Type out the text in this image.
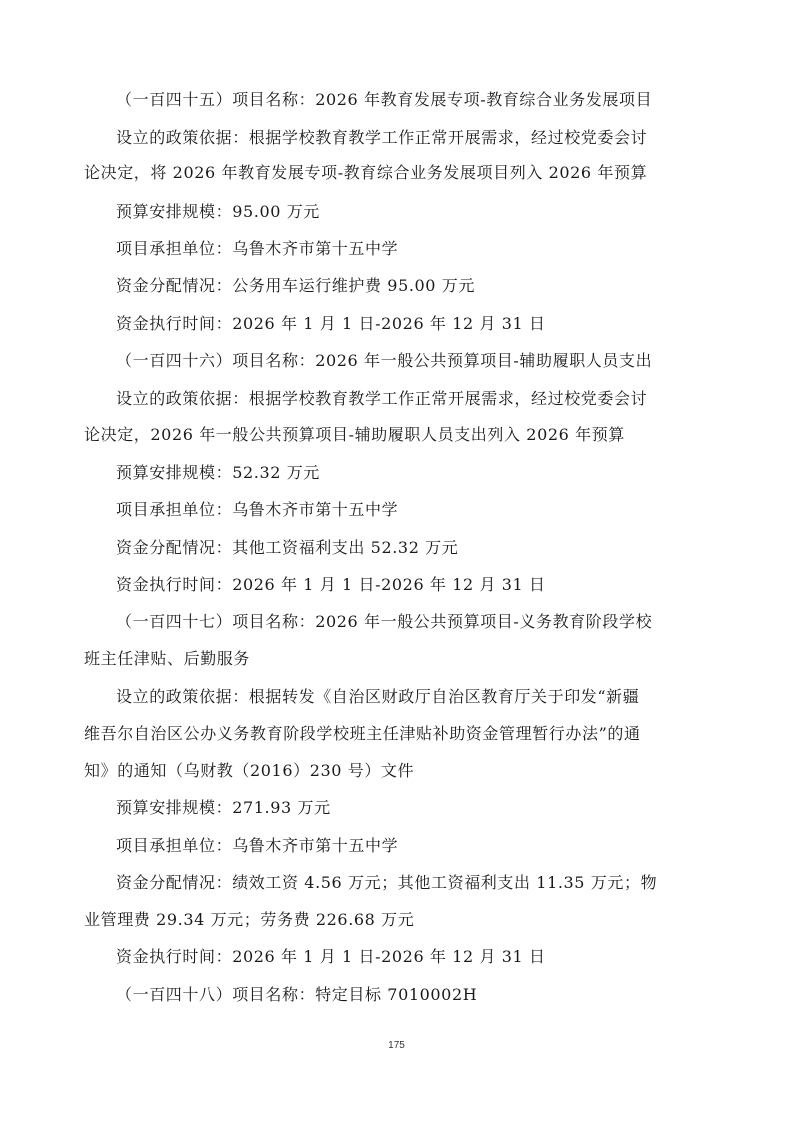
（一百四十五）项目名称：2026 年教育发展专项-教育综合业务发展项目
设立的政策依据：根据学校教育教学工作正常开展需求，经过校党委会讨
论决定，将 2026 年教育发展专项-教育综合业务发展项目列入 2026 年预算
预算安排规模：95.00 万元
项目承担单位：乌鲁木齐市第十五中学
资金分配情况：公务用车运行维护费 95.00 万元
资金执行时间：2026 年 1 月 1 日-2026 年 12 月 31 日
（一百四十六）项目名称：2026 年一般公共预算项目-辅助履职人员支出
设立的政策依据：根据学校教育教学工作正常开展需求，经过校党委会讨
论决定，2026 年一般公共预算项目-辅助履职人员支出列入 2026 年预算
预算安排规模：52.32 万元
项目承担单位：乌鲁木齐市第十五中学
资金分配情况：其他工资福利支出 52.32 万元
资金执行时间：2026 年 1 月 1 日-2026 年 12 月 31 日
（一百四十七）项目名称：2026 年一般公共预算项目-义务教育阶段学校
班主任津贴、后勤服务
设立的政策依据：根据转发《自治区财政厅自治区教育厅关于印发“新疆
维吾尔自治区公办义务教育阶段学校班主任津贴补助资金管理暂行办法”的通
知》的通知（乌财教（2016）230 号）文件
预算安排规模：271.93 万元
项目承担单位：乌鲁木齐市第十五中学
资金分配情况：绩效工资 4.56 万元；其他工资福利支出 11.35 万元；物
业管理费 29.34 万元；劳务费 226.68 万元
资金执行时间：2026 年 1 月 1 日-2026 年 12 月 31 日
（一百四十八）项目名称：特定目标 7010002H
175
